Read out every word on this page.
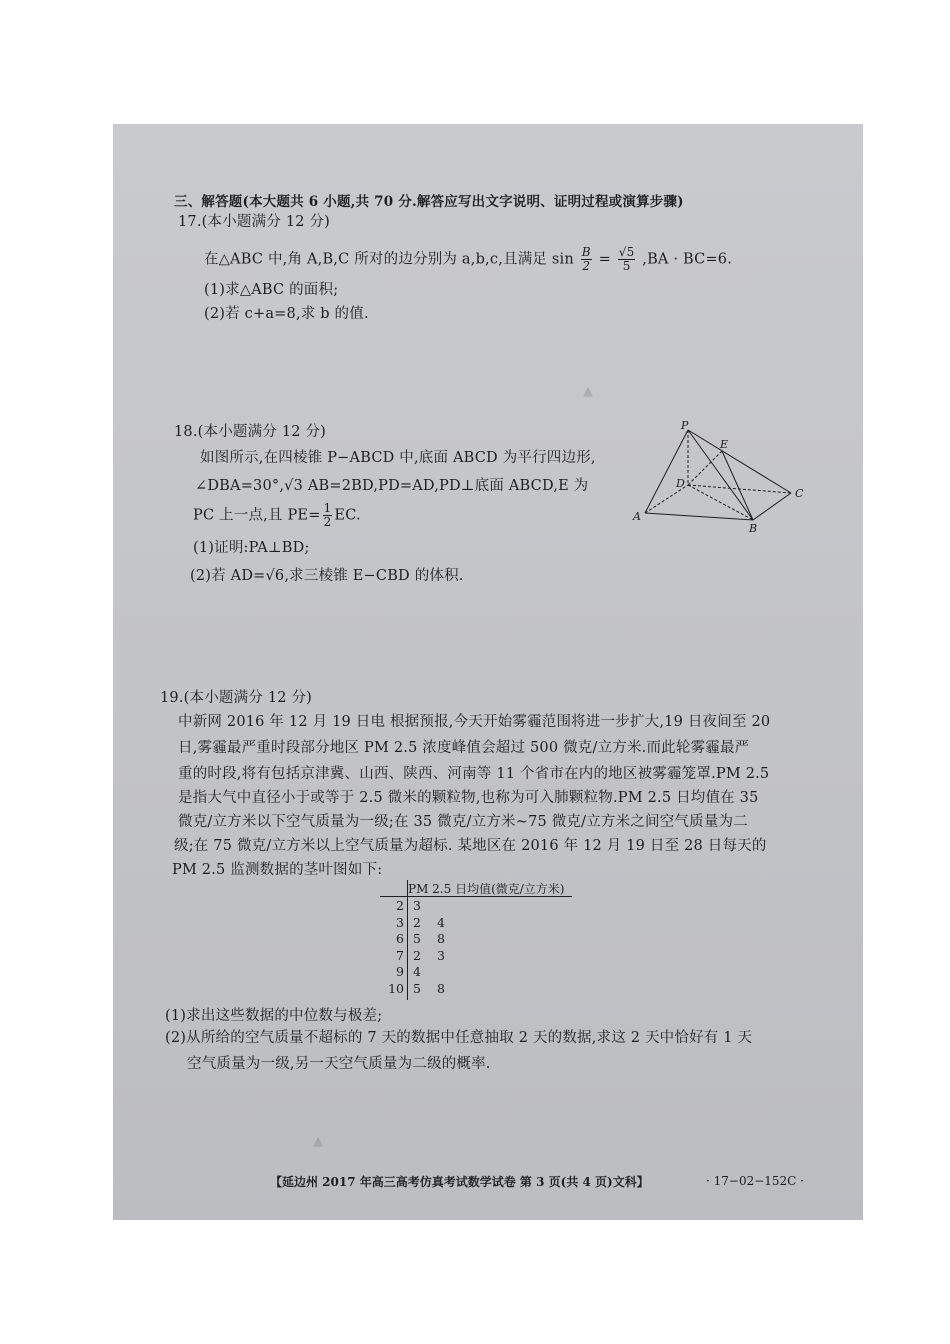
▲
▲
三、解答题(本大题共 6 小题,共 70 分.解答应写出文字说明、证明过程或演算步骤)
17.(本小题满分 12 分)
在△ABC 中,角 A,B,C 所对的边分别为 a,b,c,且满足 $\sin \frac{B}{2} = \frac{√5}{5} ,BA \cdot BC=6$.
(1)求△ABC 的面积;
(2)若 c+a=8,求 b 的值.
18.(本小题满分 12 分)
如图所示,在四棱锥 P−ABCD 中,底面 ABCD 为平行四边形,
∠DBA=30°,√3 AB=2BD,PD=AD,PD⊥底面 ABCD,E 为
PC 上一点,且 $PE= \frac{1}{2}$ EC.
(1)证明:PA⊥BD;
(2)若 AD=√6,求三棱锥 E−CBD 的体积.
P
E
D
C
A
B
19.(本小题满分 12 分)
中新网 2016 年 12 月 19 日电 根据预报,今天开始雾霾范围将进一步扩大,19 日夜间至 20
日,雾霾最严重时段部分地区 PM 2.5 浓度峰值会超过 500 微克/立方米.而此轮雾霾最严
重的时段,将有包括京津冀、山西、陕西、河南等 11 个省市在内的地区被雾霾笼罩.PM 2.5
是指大气中直径小于或等于 2.5 微米的颗粒物,也称为可入肺颗粒物.PM 2.5 日均值在 35
微克/立方米以下空气质量为一级;在 35 微克/立方米~75 微克/立方米之间空气质量为二
级;在 75 微克/立方米以上空气质量为超标. 某地区在 2016 年 12 月 19 日至 28 日每天的
PM 2.5 监测数据的茎叶图如下:
PM 2.5 日均值(微克/立方米)
2 3
3 2 4
6 5 8
7 2 3
9 4
10 5 8
(1)求出这些数据的中位数与极差;
(2)从所给的空气质量不超标的 7 天的数据中任意抽取 2 天的数据,求这 2 天中恰好有 1 天
空气质量为一级,另一天空气质量为二级的概率.
【延边州 2017 年高三高考仿真考试数学试卷 第 3 页(共 4 页)文科】	· 17−02−152C ·
